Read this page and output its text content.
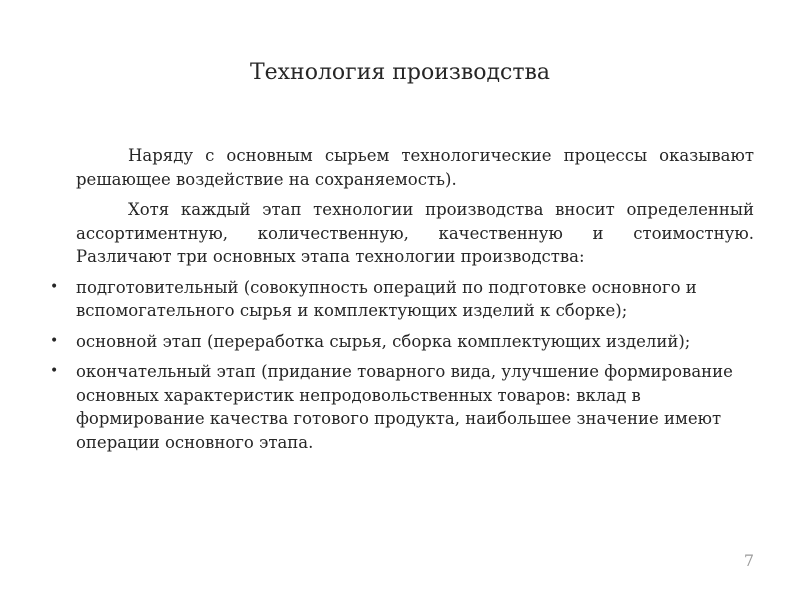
Технология производства

Наряду с основным сырьем технологические процессы оказывают решающее воздействие на сохраняемость).

Хотя каждый этап технологии производства вносит определенный ассортиментную, количественную, качественную и стоимостную. Различают три основных этапа технологии производства:

• подготовительный (совокупность операций по подготовке основного и вспомогательного сырья и комплектующих изделий к сборке);
• основной этап (переработка сырья, сборка комплектующих изделий);
• окончательный этап (придание товарного вида, улучшение формирование основных характеристик непродовольственных товаров: вклад в формирование качества готового продукта, наибольшее значение имеют операции основного этапа.
7
